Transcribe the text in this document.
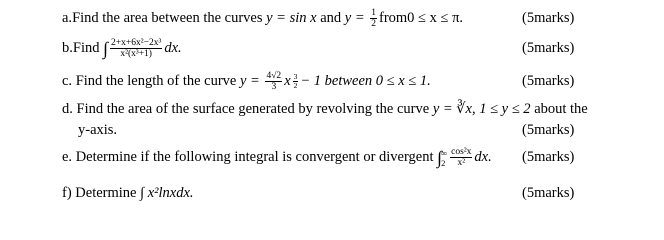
a.Find the area between the curves y = sin x and $y = \frac{1}{2}$ from0 ≤ x ≤ π.	(5marks)
b.Find ∫ $\frac{\text{2+x+6x²−2x³}}{\text{x²(x³+1)}}$ dx.	(5marks)
c. Find the length of the curve $y = \frac{4√2}{3}$ x $\frac{3}{2} - 1$ between 0 ≤ x ≤ 1.	(5marks)
d. Find the area of the surface generated by revolving the curve y = ∛x, 1 ≤ y ≤ 2 about the
y-axis.	(5marks)
e. Determine if the following integral is convergent or divergent ∫ ∞
$2 \frac{\text{cos²x}}{\text{x²}}$ dx. (5marks)
f) Determine ∫ x²lnxdx.	(5marks)
